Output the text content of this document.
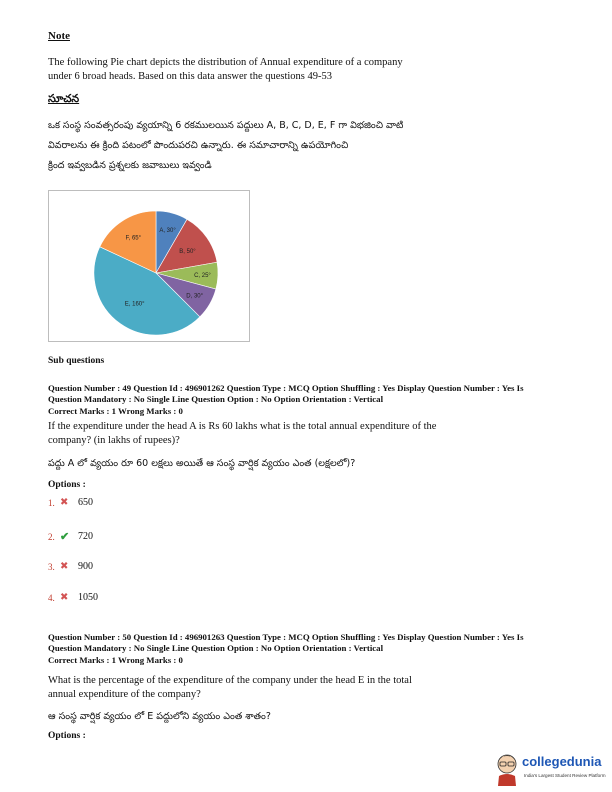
Note
The following Pie chart depicts the distribution of Annual expenditure of a company
under 6 broad heads. Based on this data answer the questions 49-53
సూచన
ఒక సంస్థ సంవత్సరంపు వ్యయాన్ని 6 రకములయిన పద్దులు A, B, C, D, E, F గా విభజించి వాటి
వివరాలను ఈ క్రింది పటంలో పొందుపరచి ఉన్నారు. ఈ సమాచారాన్ని ఉపయోగించి
క్రింద ఇవ్వబడిన ప్రశ్నలకు జవాబులు ఇవ్వండి
A, 30°
B, 50°
C, 25°
D, 30°
E, 160°
F, 65°
Sub questions
Question Number : 49 Question Id : 496901262 Question Type : MCQ Option Shuffling : Yes Display Question Number : Yes Is
Question Mandatory : No Single Line Question Option : No Option Orientation : Vertical
Correct Marks : 1 Wrong Marks : 0
If the expenditure under the head A is Rs 60 lakhs what is the total annual expenditure of the
company? (in lakhs of rupees)?
పద్దు A లో వ్యయం రూ 60 లక్షలు అయితే ఆ సంస్థ వార్షిక వ్యయం ఎంత (లక్షలలో)?
Options :
1. ✖ 650
2. ✔ 720
3. ✖ 900
4. ✖ 1050
Question Number : 50 Question Id : 496901263 Question Type : MCQ Option Shuffling : Yes Display Question Number : Yes Is
Question Mandatory : No Single Line Question Option : No Option Orientation : Vertical
Correct Marks : 1 Wrong Marks : 0
What is the percentage of the expenditure of the company under the head E in the total
annual expenditure of the company?
ఆ సంస్థ వార్షిక వ్యయం లో E పద్దులోని వ్యయం ఎంత శాతం?
Options :
collegedunia
India's Largest Student Review Platform
